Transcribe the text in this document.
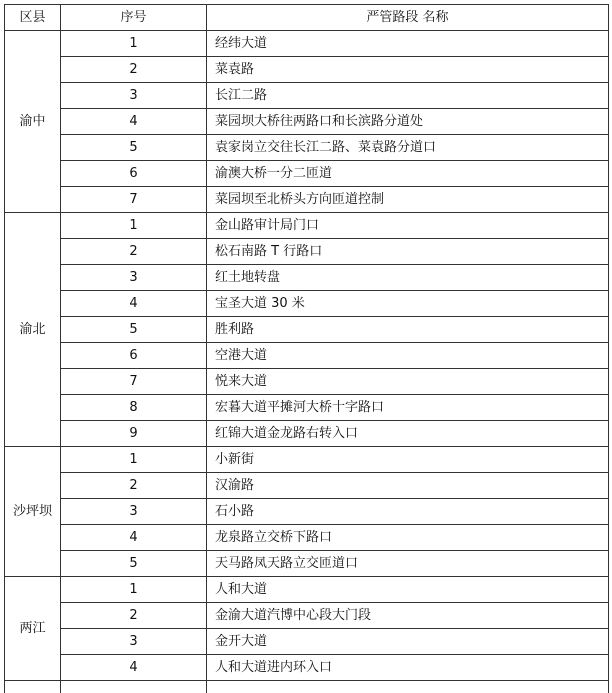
区县	序号	严管路段 名称
渝中	1	经纬大道
	2	菜袁路
	3	长江二路
	4	菜园坝大桥往两路口和长滨路分道处
	5	袁家岗立交往长江二路、菜袁路分道口
	6	渝澳大桥一分二匝道
	7	菜园坝至北桥头方向匝道控制
渝北	1	金山路审计局门口
	2	松石南路 T 行路口
	3	红土地转盘
	4	宝圣大道 30 米
	5	胜利路
	6	空港大道
	7	悦来大道
	8	宏暮大道平摊河大桥十字路口
	9	红锦大道金龙路右转入口
沙坪坝	1	小新街
	2	汉渝路
	3	石小路
	4	龙泉路立交桥下路口
	5	天马路凤天路立交匝道口
两江	1	人和大道
	2	金渝大道汽博中心段大门段
	3	金开大道
	4	人和大道进内环入口
